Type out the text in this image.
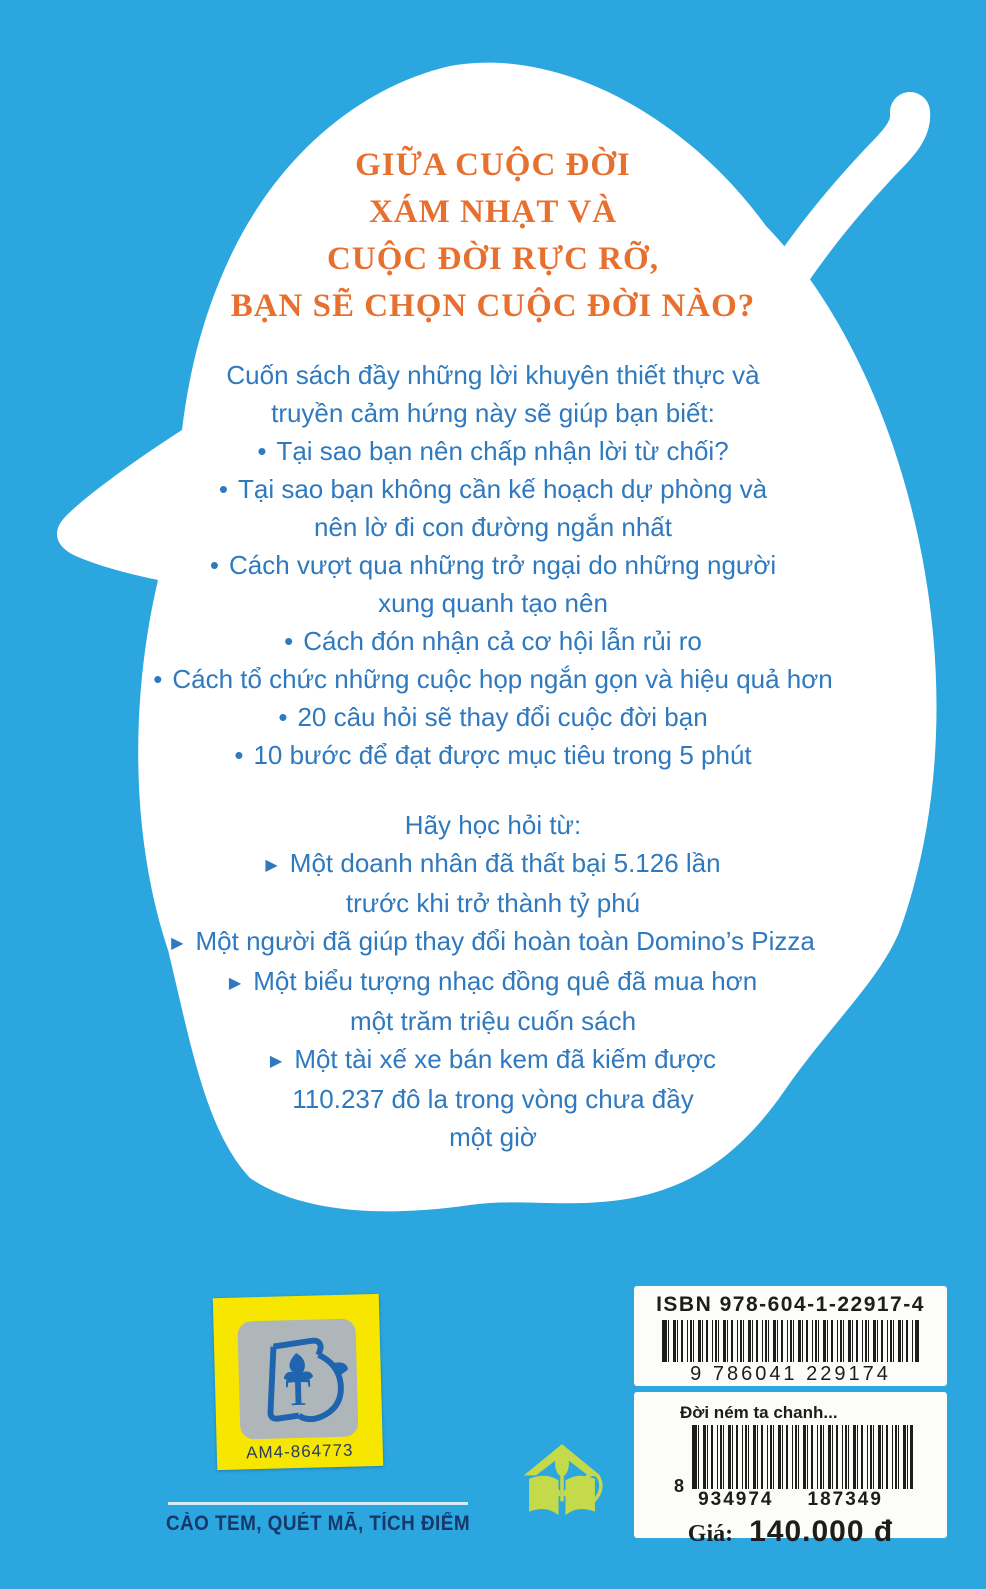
GIỮA CUỘC ĐỜI
XÁM NHẠT VÀ
CUỘC ĐỜI RỰC RỠ,
BẠN SẼ CHỌN CUỘC ĐỜI NÀO?
Cuốn sách đầy những lời khuyên thiết thực và
truyền cảm hứng này sẽ giúp bạn biết:
• Tại sao bạn nên chấp nhận lời từ chối?
• Tại sao bạn không cần kế hoạch dự phòng và
nên lờ đi con đường ngắn nhất
• Cách vượt qua những trở ngại do những người
xung quanh tạo nên
• Cách đón nhận cả cơ hội lẫn rủi ro
• Cách tổ chức những cuộc họp ngắn gọn và hiệu quả hơn
• 20 câu hỏi sẽ thay đổi cuộc đời bạn
• 10 bước để đạt được mục tiêu trong 5 phút
Hãy học hỏi từ:
▶ Một doanh nhân đã thất bại 5.126 lần
trước khi trở thành tỷ phú
▶ Một người đã giúp thay đổi hoàn toàn Domino’s Pizza
▶ Một biểu tượng nhạc đồng quê đã mua hơn
một trăm triệu cuốn sách
▶ Một tài xế xe bán kem đã kiếm được
110.237 đô la trong vòng chưa đầy
một giờ
T
AM4-864773
CÀO TEM, QUÉT MÃ, TÍCH ĐIỂM
ISBN 978-604-1-22917-4
9 786041 229174
Đời ném ta chanh...
8
934974 187349
Giá: 140.000 đ
